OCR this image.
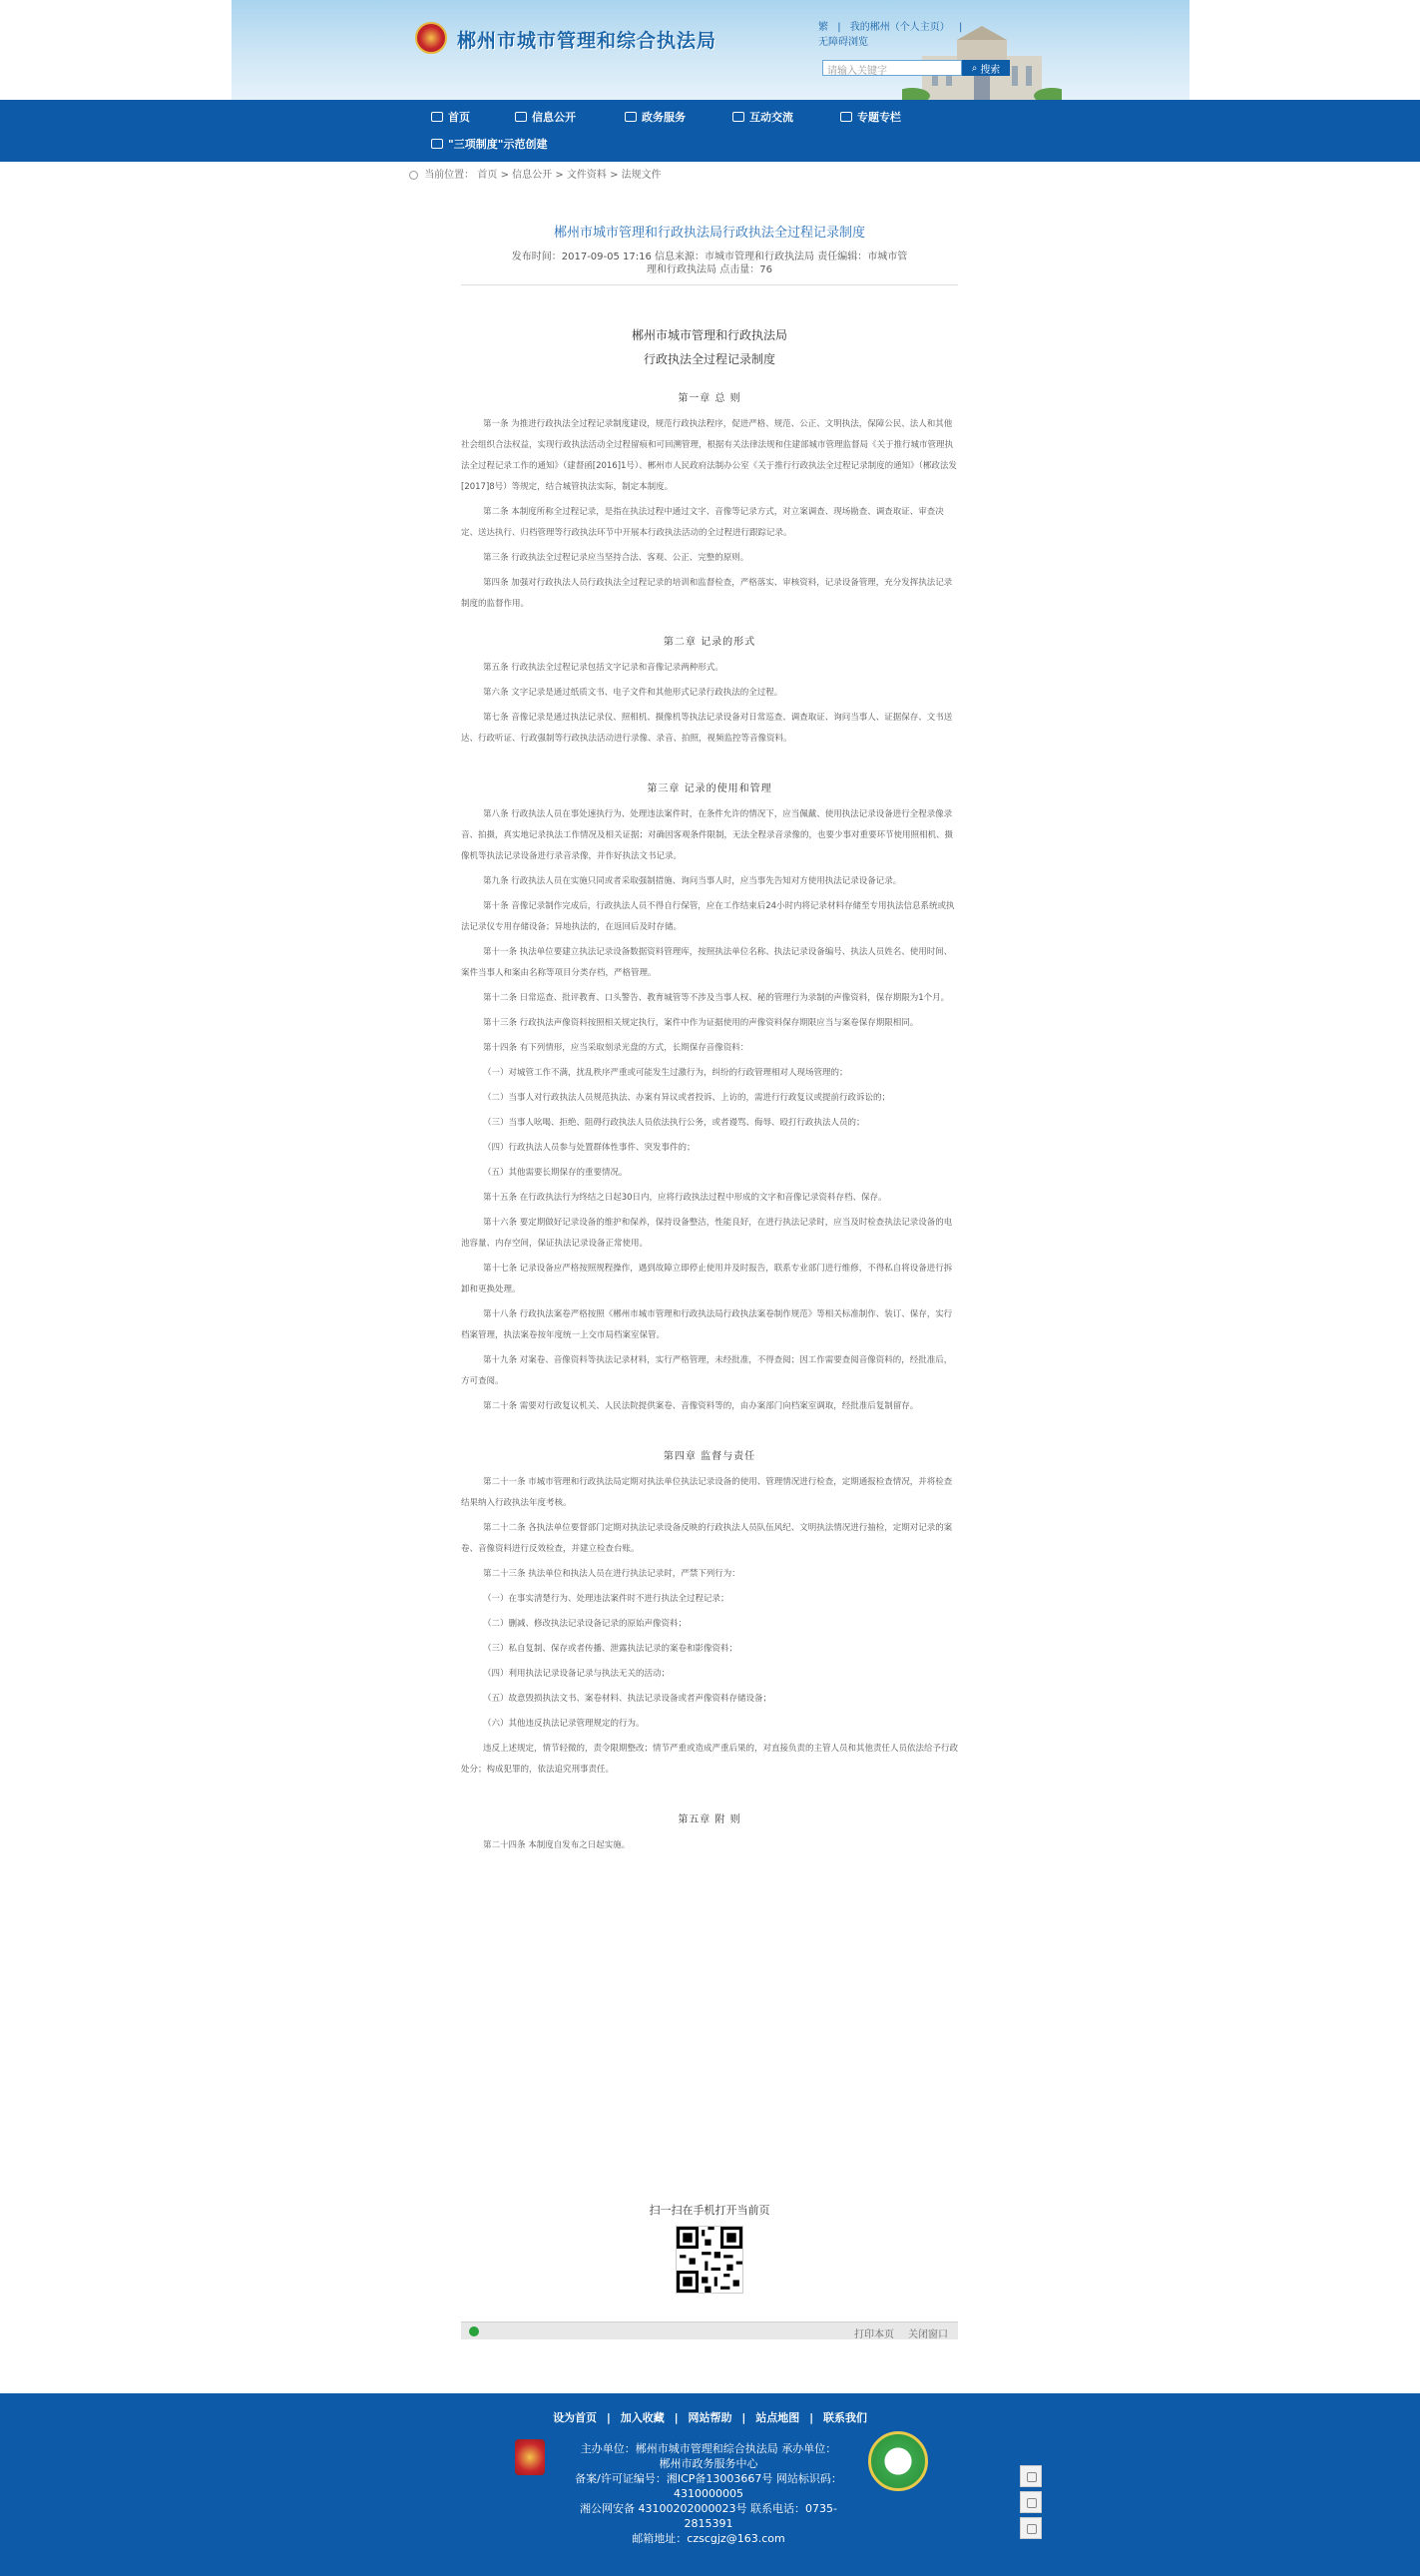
郴州市城市管理和综合执法局
繁 | 我的郴州（个人主页） |
无障碍浏览
请输入关键字	⌕ 搜索
首页	信息公开	政务服务	互动交流	专题专栏
"三项制度"示范创建
当前位置： 首页 > 信息公开 > 文件资料 > 法规文件
郴州市城市管理和行政执法局行政执法全过程记录制度
发布时间：2017-09-05 17:16 信息来源：市城市管理和行政执法局 责任编辑：市城市管
理和行政执法局 点击量：76
郴州市城市管理和行政执法局
行政执法全过程记录制度
第一章 总 则

第一条 为推进行政执法全过程记录制度建设，规范行政执法程序，促进严格、规范、公正、文明执法，保障公民、法人和其他社会组织合法权益，实现行政执法活动全过程留痕和可回溯管理，根据有关法律法规和住建部城市管理监督局《关于推行城市管理执法全过程记录工作的通知》（建督函[2016]1号）、郴州市人民政府法制办公室《关于推行行政执法全过程记录制度的通知》（郴政法发[2017]8号）等规定，结合城管执法实际，制定本制度。

第二条 本制度所称全过程记录，是指在执法过程中通过文字、音像等记录方式，对立案调查、现场勘查、调查取证、审查决定、送达执行、归档管理等行政执法环节中开展本行政执法活动的全过程进行跟踪记录。

第三条 行政执法全过程记录应当坚持合法、客观、公正、完整的原则。

第四条 加强对行政执法人员行政执法全过程记录的培训和监督检查，严格落实、审核资料，记录设备管理，充分发挥执法记录制度的监督作用。

第二章 记录的形式

第五条 行政执法全过程记录包括文字记录和音像记录两种形式。

第六条 文字记录是通过纸质文书、电子文件和其他形式记录行政执法的全过程。

第七条 音像记录是通过执法记录仪、照相机、摄像机等执法记录设备对日常巡查、调查取证、询问当事人、证据保存、文书送达、行政听证、行政强制等行政执法活动进行录像、录音、拍照，视频监控等音像资料。

第三章 记录的使用和管理

第八条 行政执法人员在事处速执行为、处理违法案件时，在条件允许的情况下，应当佩戴、使用执法记录设备进行全程录像录音、拍摄，真实地记录执法工作情况及相关证据；对确因客观条件限制，无法全程录音录像的，也要少事对重要环节使用照相机、摄像机等执法记录设备进行录音录像，并作好执法文书记录。

第九条 行政执法人员在实施只同或者采取强制措施、询问当事人时，应当事先告知对方使用执法记录设备记录。

第十条 音像记录制作完成后，行政执法人员不得自行保管，应在工作结束后24小时内将记录材料存储至专用执法信息系统或执法记录仪专用存储设备；异地执法的，在返回后及时存储。

第十一条 执法单位要建立执法记录设备数据资料管理库，按照执法单位名称、执法记录设备编号、执法人员姓名、使用时间、案件当事人和案由名称等项目分类存档，严格管理。

第十二条 日常巡查、批评教育、口头警告、教育城管等不涉及当事人权、秘的管理行为录制的声像资料，保存期限为1个月。

第十三条 行政执法声像资料按照相关规定执行，案件中作为证据使用的声像资料保存期限应当与案卷保存期限相同。

第十四条 有下列情形，应当采取刻录光盘的方式，长期保存音像资料：

（一）对城管工作不满，扰乱秩序严重或可能发生过激行为，纠纷的行政管理相对人现场管理的；

（二）当事人对行政执法人员规范执法、办案有异议或者投诉、上访的，需进行行政复议或提前行政诉讼的；

（三）当事人吆喝、拒绝、阻碍行政执法人员依法执行公务，或者谩骂、侮辱、殴打行政执法人员的；

（四）行政执法人员参与处置群体性事件、突发事件的；

（五）其他需要长期保存的重要情况。

第十五条 在行政执法行为终结之日起30日内，应将行政执法过程中形成的文字和音像记录资料存档、保存。

第十六条 要定期做好记录设备的维护和保养，保持设备整洁，性能良好，在进行执法记录时，应当及时检查执法记录设备的电池容量、内存空间，保证执法记录设备正常使用。

第十七条 记录设备应严格按照规程操作，遇到故障立即停止使用并及时报告，联系专业部门进行维修，不得私自将设备进行拆卸和更换处理。

第十八条 行政执法案卷严格按照《郴州市城市管理和行政执法局行政执法案卷制作规范》等相关标准制作、装订、保存，实行档案管理，执法案卷按年度统一上交市局档案室保管。

第十九条 对案卷、音像资料等执法记录材料，实行严格管理，未经批准，不得查阅；因工作需要查阅音像资料的，经批准后，方可查阅。

第二十条 需要对行政复议机关、人民法院提供案卷、音像资料等的，由办案部门向档案室调取，经批准后复制留存。

第四章 监督与责任

第二十一条 市城市管理和行政执法局定期对执法单位执法记录设备的使用、管理情况进行检查，定期通报检查情况，并将检查结果纳入行政执法年度考核。

第二十二条 各执法单位要督部门定期对执法记录设备反映的行政执法人员队伍风纪、文明执法情况进行抽检，定期对记录的案卷、音像资料进行反效检查，并建立检查台账。

第二十三条 执法单位和执法人员在进行执法记录时，严禁下列行为：

（一）在事实清楚行为、处理违法案件时不进行执法全过程记录；

（二）删减、修改执法记录设备记录的原始声像资料；

（三）私自复制、保存或者传播、泄露执法记录的案卷和影像资料；

（四）利用执法记录设备记录与执法无关的活动；

（五）故意毁损执法文书、案卷材料、执法记录设备或者声像资料存储设备；

（六）其他违反执法记录管理规定的行为。

违反上述规定，情节轻微的，责令限期整改；情节严重或造成严重后果的，对直接负责的主管人员和其他责任人员依法给予行政处分；构成犯罪的，依法追究刑事责任。

第五章 附 则

第二十四条 本制度自发布之日起实施。

扫一扫在手机打开当前页
打印本页 关闭窗口
设为首页 | 加入收藏 | 网站帮助 | 站点地图 | 联系我们
主办单位：郴州市城市管理和综合执法局 承办单位：
郴州市政务服务中心
备案/许可证编号：湘ICP备13003667号 网站标识码：
4310000005
湘公网安备 43100202000023号 联系电话：0735-
2815391
邮箱地址：czscgjz@163.com
